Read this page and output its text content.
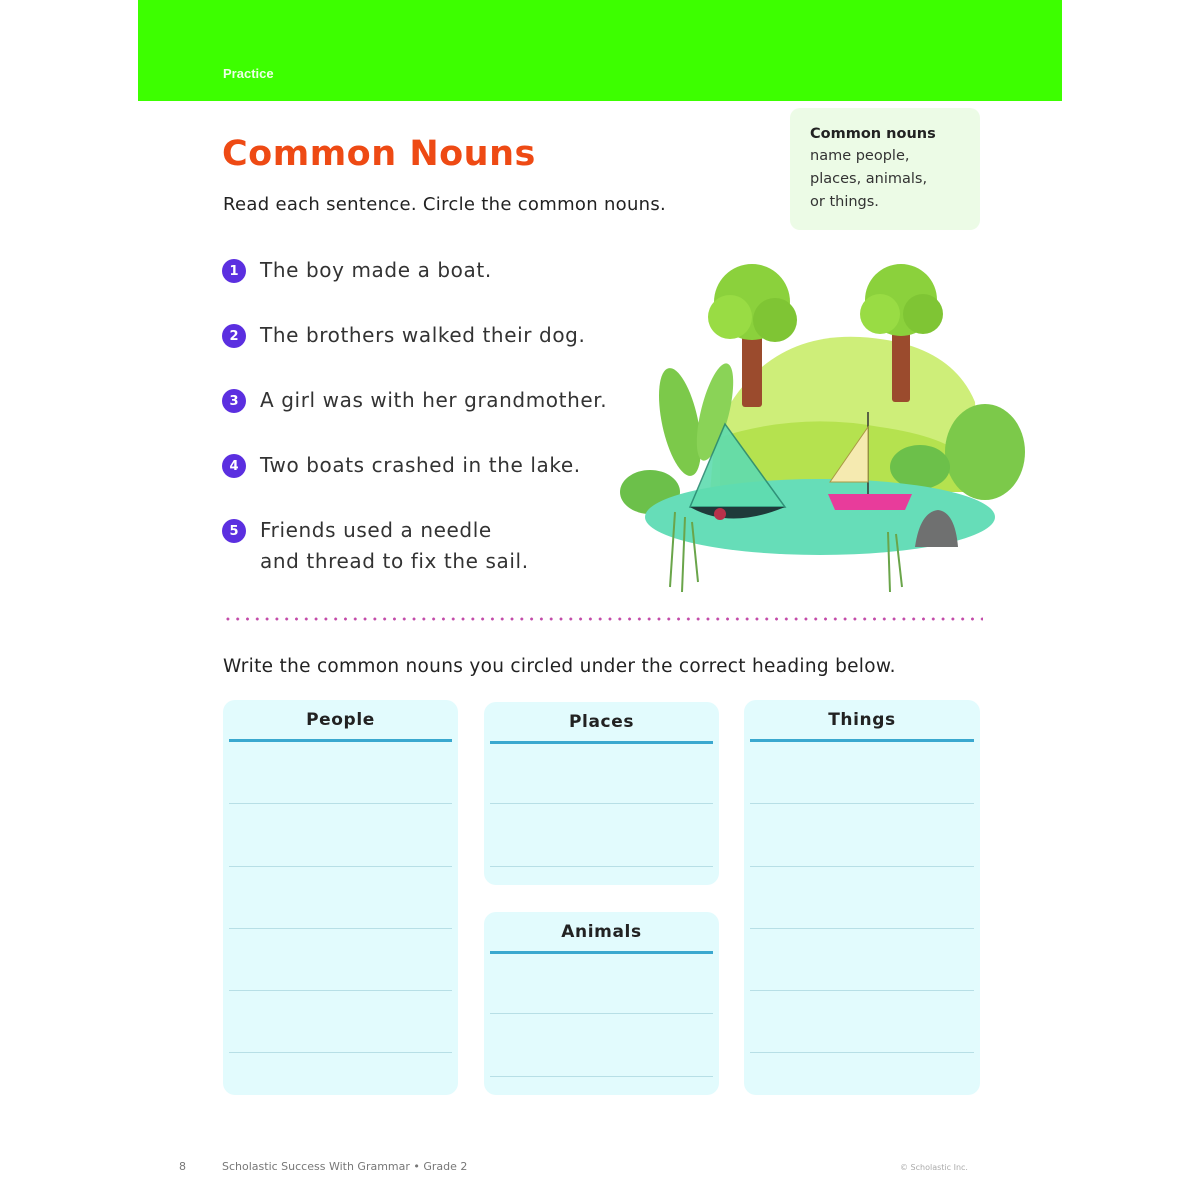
Practice
Common Nouns
Read each sentence. Circle the common nouns.
Common nouns
name people,
places, animals,
or things.
1	The boy made a boat.
2	The brothers walked their dog.
3	A girl was with her grandmother.
4	Two boats crashed in the lake.
5	Friends used a needle
and thread to fix the sail.
Write the common nouns you circled under the correct heading below.
People	Places
Animals
Things
8	Scholastic Success With Grammar • Grade 2	© Scholastic Inc.
